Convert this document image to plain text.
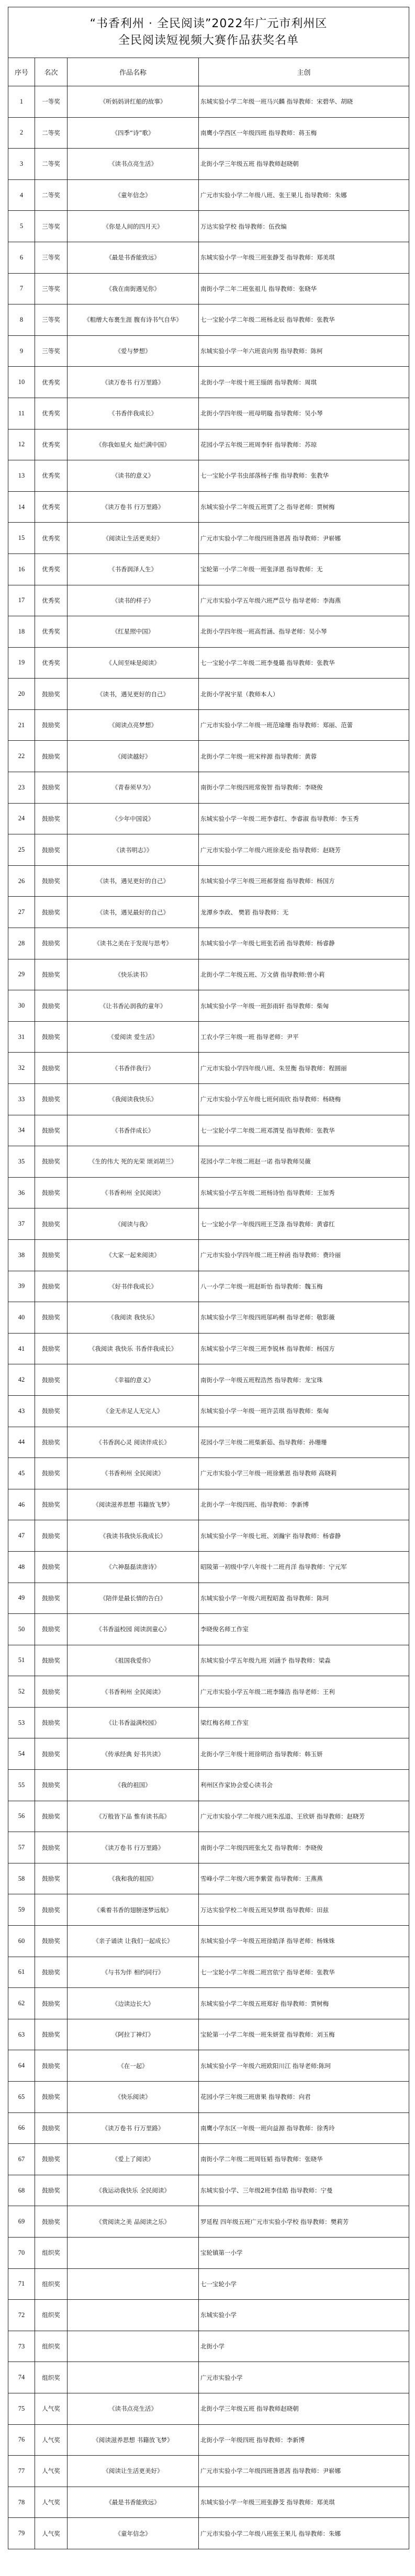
“书香利州 · 全民阅读”2022年广元市利州区
全民阅读短视频大赛作品获奖名单			

序号	名次	作品名称	主创
1	一等奖	《听妈妈讲红船的故事》	东城实验小学二年级一班马兴麟 指导教师：宋碧华、胡晓
2	二等奖	《四季“诗”歌》	南鹰小学西区一年级四班 指导教师：蒋玉梅
3	二等奖	《读书点亮生活》	北街小学三年级五班 指导教师赵晓朝
4	二等奖	《童年信念》	广元市实验小学二年级八班、张王果儿 指导教师：朱娜
5	三等奖	《你是人间的四月天》	万达实验学校 指导教师：伍孜编
6	三等奖	《最是书香能致远》	东城实验小学一年级三班张静芠 指导教师：郑美琪
7	三等奖	《我在南街遇见你》	南街小学二年二班张祖儿 指导教师：张晓华
8	三等奖	《粗缯大布裹生涯 腹有诗书气自华》	七一宝轮小学二年级二班杨北辰 指导教师：张教华
9	三等奖	《爱与梦想》	东城实验小学一年六班袁向男 指导教师：陈柯
10	优秀奖	《读万卷书 行万里路》	北街小学一年级十班王缁朗 指导教师：周琪
11	优秀奖	《书香伴我成长》	北街小学四年级一班母明璇 指导教师：吴小琴
12	优秀奖	《你我如星火 灿烂满中国》	花园小学五年级三班周李轩 指导教师：苏琼
13	优秀奖	《读书的意义》	七一宝轮小学书虫部落杨子维 指导教师：张教华
14	优秀奖	《读万卷书 行万里路》	东城实验小学二年级五班贾了之 指导老师：贾树梅
15	优秀奖	《阅读让生活更美好》	广元市实验小学二年级四班昝恩茜 指导教师：尹崭娜
16	优秀奖	《书香润泽人生》	宝轮第一小学二年级一班张泽恩 指导教师：无
17	优秀奖	《读书的样子》	广元市实验小学五年级六班严苡兮 指导老师：李海燕
18	优秀奖	《红星照中国》	北街小学四年级一班高哲涵、指导老师：吴小琴
19	优秀奖	《人间至味是阅读》	七一宝轮小学二年级二班李曼璐 指导教师：张教华
20	鼓励奖	《读书，遇见更好的自己》	北街小学祝宇星（教师本人）
21	鼓励奖	《阅读点亮梦想》	广元市实验小学二年级一班范瑜珊 指导教师：郑丽、范蕾
22	鼓励奖	《阅读越好》	北街小学二年级一班宋梓源 指导教师：黄蓉
23	鼓励奖	《青春须早为》	南街小学二年级四班常俊智 指导教师：李晓俊
24	鼓励奖	《少年中国说》	东城实验小学一年级二班李睿红、李睿淑 指导教师：李玉秀
25	鼓励奖	《读书明志》》	广元市实验小学二年级六班徐麦伦 指导教师：赵晓芳
26	鼓励奖	《读书，遇见更好的自己》	东城实验小学三年级三班郝誉庭 指导教师：杨国方
27	鼓励奖	《读书，遇见最好的自己》	龙潭乡李政、 樊箬 指导教师：无
28	鼓励奖	《读书之美在于发现与思考》	东城实验小学一年级七班张若函 指导教师：杨睿静
29	鼓励奖	《快乐读书》	北街小学二年级五班、万文倩 指导教师:曾小莉
30	鼓励奖	《让书香沁润我的童年》	东城实验小学一年级一班彭雨轩 指导教师：柴匈
31	鼓励奖	《爱阅读 爱生活》	工农小学三年级一班 指导老师：尹平
32	鼓励奖	《书香伴我行》	广元市实验小学四年级八班、朱昱衡 指导教师：程圆丽
33	鼓励奖	《我阅读我快乐》	广元市实验小学五年级七班何雨欣 指导教师：杨晓梅
34	鼓励奖	《书香伴成长》	七一宝轮小学二年级二班邓渭旻 指导教师：张教华
35	鼓励奖	《生的伟大 死的光荣 ​颂刘胡兰》	花园小学二年级二班赵一诺 指导教师吴薇
36	鼓励奖	《书香利州 全民阅读》	东城实验小学五年级二班杨诗怡 指导教师：王加秀
37	鼓励奖	《阅读与我》	七一宝轮小学一年级四班王芝涤 指导教师：黄睿红
38	鼓励奖	《大家一起来阅读》	广元市实验小学四年级二班王梓函 指导教师：费玲丽
39	鼓励奖	《好书伴我成长》	八一小学二年级一班赵昕怡 指导教师：魏玉梅
40	鼓励奖	《我阅读 我快乐》	东城实验小学三年级四班邬屿桐 指导老师：敬影薇
41	鼓励奖	《我阅读 我快乐 书香伴我成长》	东城实验小学三年级三班李锐林 指导教师：杨国方
42	鼓励奖	《幸福的意义》	南街小学一年级五班程浩然 指导教师：龙宝珠
43	鼓励奖	《金无赤足人无完人》	东城实验小学一年级一班许芸琪 指导教师：柴匈
44	鼓励奖	《书香润心灵 阅读伴成长》	花园小学三年级二班柴新茹、指导教师：孙珊珊
45	鼓励奖	《书香利州 全民阅读》	广元市实验小学三年级一班徐紫恩 指导教师 高晓莉
46	鼓励奖	《阅读滋养思想 书籍放飞梦》	北街小学一年级四班、指导教师：李新博
47	鼓励奖	《我读书我快乐我成长》	东城实验小学一年级七班、刘瀚宇 指导教师：杨睿静
48	鼓励奖	《六神磊磊读唐诗》	昭陵第一初级中学八年级十二班肖洋 指导教师：宁元军
49	鼓励奖	《陪伴是最长情的告白》	东城实验小学一年级六班程昭盈 指导教师：陈珂
50	鼓励奖	《书香溢校园 阅读润童心》	李晓俊名师工作室
51	鼓励奖	《祖国我爱你》	东城实验小学五年级九班 刘涵予 指导教师：梁淼
52	鼓励奖	《书香利州 全民阅读》	广元市实验小学五年级二班李臻浩 指导老师：王利
53	鼓励奖	《让书香溢满校园》	梁红梅名师工作室
54	鼓励奖	《传承经典 好书共读》	北街小学三年级十班徐明洽 指导教师：韩玉妍
55	鼓励奖	《我的祖国》	利州区作家协会爱心读书会
56	鼓励奖	《万般皆下品 惟有读书高》	广元市实验小学二年级六班朱泓道、王欣妍 指导教师：赵晓芳
57	鼓励奖	《读万卷书 行万里路》	南街小学二年级四班张允艾 指导教师：李晓俊
58	鼓励奖	《我和我的祖国》	雪峰小学二年级六班李紫萱 指导教师：王燕燕
59	鼓励奖	《乘着书香的翅膀逐梦远航》	万达实验学校二年级五班吴梦琪 指导教师：田兹
60	鼓励奖	《亲子诵读 让我们一起成长》	东城实验小学一年级五班徐皓泽 指导老师：杨姝姝
61	鼓励奖	《与书为伴 相约同行》	七一宝轮小学二年级二班宫依宁 指导老师：张教华
62	鼓励奖	《边读边长大》	东城实验小学二年级五班郑好 指导教师：贾树梅
63	鼓励奖	《阿拉丁神灯》	宝轮第一小学二年级一班朱妍萱 指导教师：刘玉梅
64	鼓励奖	《在一起》	东城实验小学一年级六班欧阳川江 指导老师:陈珂
65	鼓励奖	《快乐阅读》	花园小学三年级三班唐果 指导教师：向君
66	鼓励奖	《读万卷书 行万里路》	南鹰小学东区一年级一班向益源 指导教师：徐秀玲
67	鼓励奖	《爱上了阅读》	南街小学二年级二班周钰韬 指导教师：张晓华
68	鼓励奖	《我运动我快乐 全民阅读》	东城实验小学、三年级2班李佳皓 指导教师：宁曼
69	鼓励奖	《赏阅读之美 品阅读之乐》	罗延程 四年级五班广元市实验小学校 指导教师：樊莉芳
70	组织奖		宝轮镇第一小学
71	组织奖		七一宝轮小学
72	组织奖		东城实验小学
73	组织奖		北街小学
74	组织奖		广元市实验小学
75	人气奖	《读书点亮生活》	北街小学三年级五班 指导教师赵晓朝
76	人气奖	《阅读滋养思想 书籍放飞梦》	北街小学一年级四班 指导教师：李新博
77	人气奖	《阅读让生活更美好》	广元市实验小学二年级四班昝恩茜 指导教师：尹崭娜
78	人气奖	《最是书香能致远》	东城实验小学一年级三班张静芠 指导教师：郑美琪
79	人气奖	《童年信念》	广元市实验小学二年级八班张王果儿 指导教师：朱娜
